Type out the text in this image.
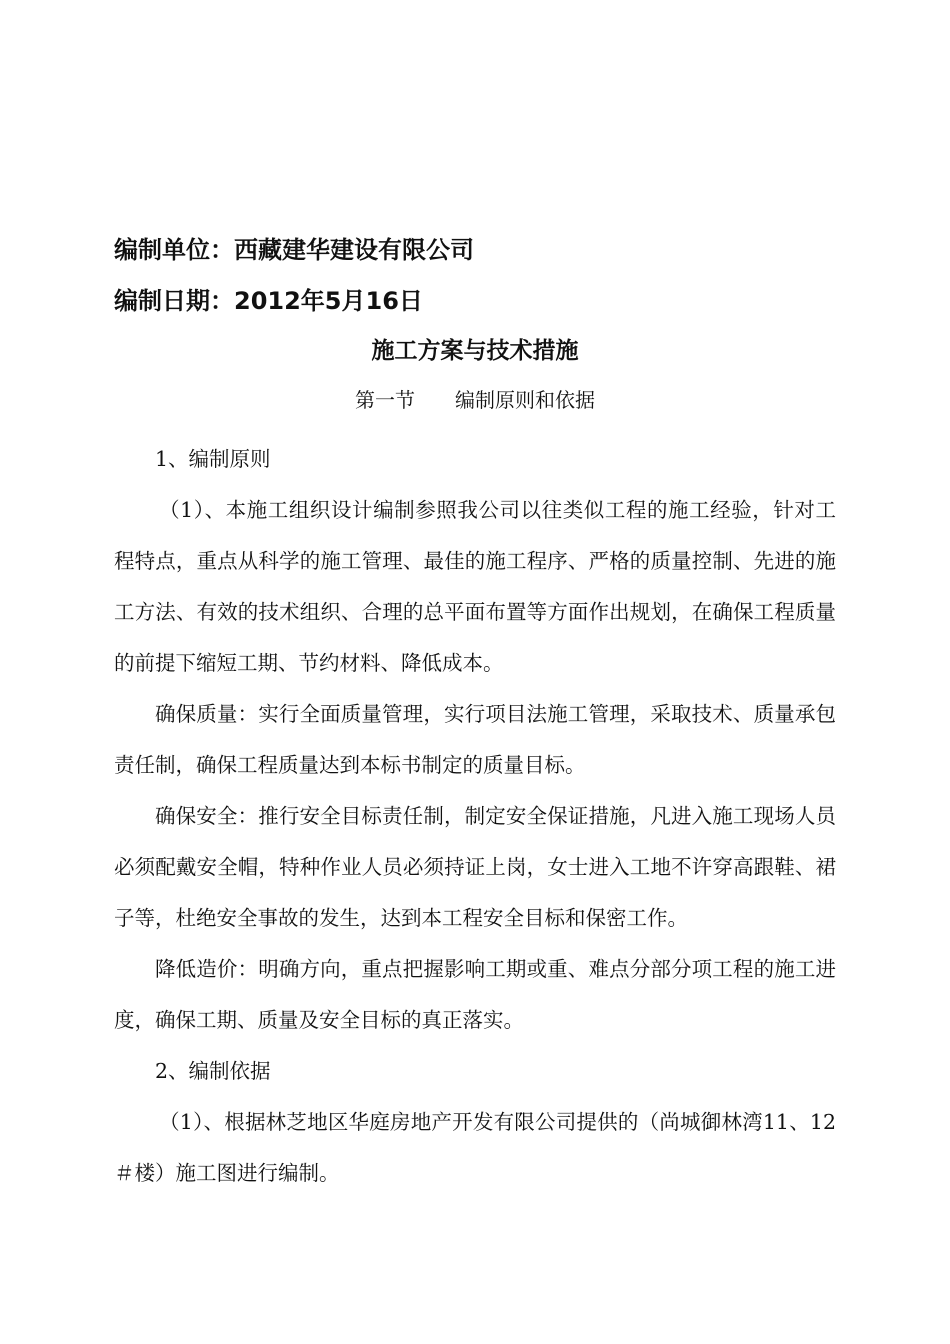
编制单位：西藏建华建设有限公司
编制日期：2012年5月16日
施工方案与技术措施
第一节　　编制原则和依据

1、编制原则

（1）、本施工组织设计编制参照我公司以往类似工程的施工经验，针对工程特点，重点从科学的施工管理、最佳的施工程序、严格的质量控制、先进的施工方法、有效的技术组织、合理的总平面布置等方面作出规划，在确保工程质量的前提下缩短工期、节约材料、降低成本。

确保质量：实行全面质量管理，实行项目法施工管理，采取技术、质量承包责任制，确保工程质量达到本标书制定的质量目标。

确保安全：推行安全目标责任制，制定安全保证措施，凡进入施工现场人员必须配戴安全帽，特种作业人员必须持证上岗，女士进入工地不许穿高跟鞋、裙子等，杜绝安全事故的发生，达到本工程安全目标和保密工作。

降低造价：明确方向，重点把握影响工期或重、难点分部分项工程的施工进度，确保工期、质量及安全目标的真正落实。

2、编制依据

（1）、根据林芝地区华庭房地产开发有限公司提供的（尚城御林湾11、12＃楼）施工图进行编制。
